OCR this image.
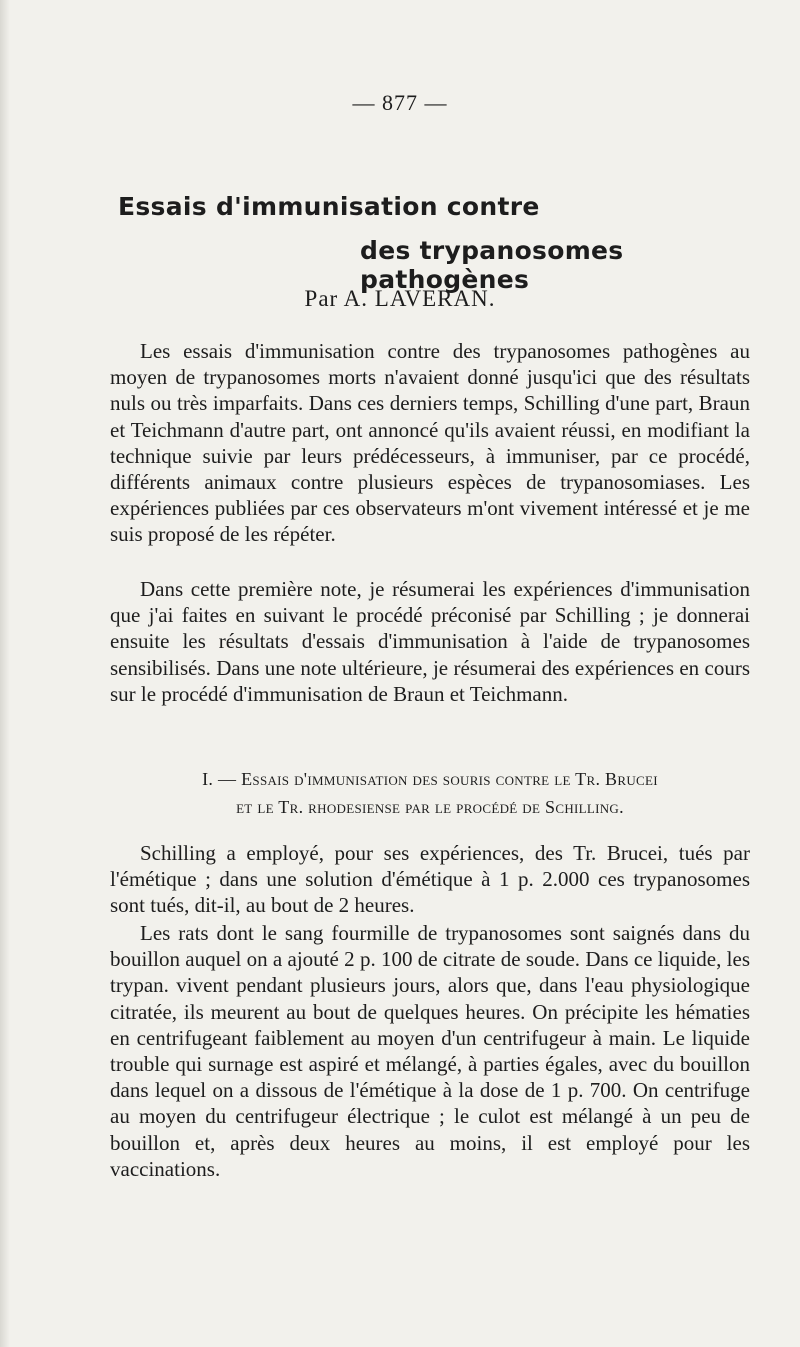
— 877 —
Essais d'immunisation contre
des trypanosomes pathogènes
Par A. LAVERAN.

Les essais d'immunisation contre des trypanosomes pathogènes au moyen de trypanosomes morts n'avaient donné jusqu'ici que des résultats nuls ou très imparfaits. Dans ces derniers temps, Schilling d'une part, Braun et Teichmann d'autre part, ont annoncé qu'ils avaient réussi, en modifiant la technique suivie par leurs prédécesseurs, à immuniser, par ce procédé, différents animaux contre plusieurs espèces de trypanosomiases. Les expériences publiées par ces observateurs m'ont vivement intéressé et je me suis proposé de les répéter.

Dans cette première note, je résumerai les expériences d'immunisation que j'ai faites en suivant le procédé préconisé par Schilling ; je donnerai ensuite les résultats d'essais d'immunisation à l'aide de trypanosomes sensibilisés. Dans une note ultérieure, je résumerai des expériences en cours sur le procédé d'immunisation de Braun et Teichmann.

I. — Essais d'immunisation des souris contre le Tr. Brucei
et le Tr. rhodesiense par le procédé de Schilling.

Schilling a employé, pour ses expériences, des Tr. Brucei, tués par l'émétique ; dans une solution d'émétique à 1 p. 2.000 ces trypanosomes sont tués, dit-il, au bout de 2 heures.

Les rats dont le sang fourmille de trypanosomes sont saignés dans du bouillon auquel on a ajouté 2 p. 100 de citrate de soude. Dans ce liquide, les trypan. vivent pendant plusieurs jours, alors que, dans l'eau physiologique citratée, ils meurent au bout de quelques heures. On précipite les hématies en centrifugeant faiblement au moyen d'un centrifugeur à main. Le liquide trouble qui surnage est aspiré et mélangé, à parties égales, avec du bouillon dans lequel on a dissous de l'émétique à la dose de 1 p. 700. On centrifuge au moyen du centrifugeur électrique ; le culot est mélangé à un peu de bouillon et, après deux heures au moins, il est employé pour les vaccinations.
